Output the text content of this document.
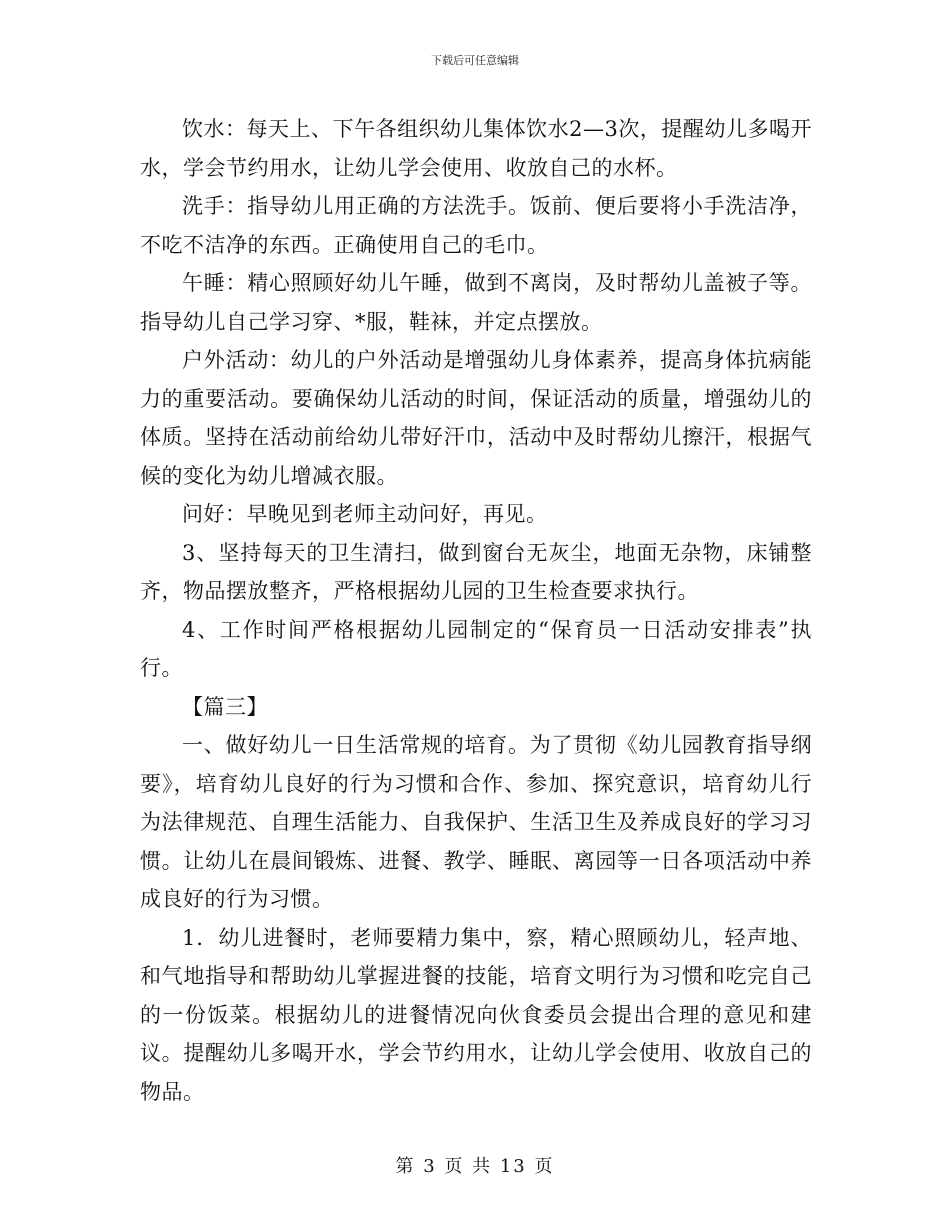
下载后可任意编辑

饮水：每天上、下午各组织幼儿集体饮水2—3次，提醒幼儿多喝开水，学会节约用水，让幼儿学会使用、收放自己的水杯。

洗手：指导幼儿用正确的方法洗手。饭前、便后要将小手洗洁净，不吃不洁净的东西。正确使用自己的毛巾。

午睡：精心照顾好幼儿午睡，做到不离岗，及时帮幼儿盖被子等。指导幼儿自己学习穿、*服，鞋袜，并定点摆放。

户外活动：幼儿的户外活动是增强幼儿身体素养，提高身体抗病能力的重要活动。要确保幼儿活动的时间，保证活动的质量，增强幼儿的体质。坚持在活动前给幼儿带好汗巾，活动中及时帮幼儿擦汗，根据气候的变化为幼儿增减衣服。

问好：早晚见到老师主动问好，再见。

3、坚持每天的卫生清扫，做到窗台无灰尘，地面无杂物，床铺整齐，物品摆放整齐，严格根据幼儿园的卫生检查要求执行。

4、工作时间严格根据幼儿园制定的“保育员一日活动安排表”执行。

【篇三】

一、做好幼儿一日生活常规的培育。为了贯彻《幼儿园教育指导纲要》，培育幼儿良好的行为习惯和合作、参加、探究意识，培育幼儿行为法律规范、自理生活能力、自我保护、生活卫生及养成良好的学习习惯。让幼儿在晨间锻炼、进餐、教学、睡眠、离园等一日各项活动中养成良好的行为习惯。

1．幼儿进餐时，老师要精力集中，察，精心照顾幼儿，轻声地、和气地指导和帮助幼儿掌握进餐的技能，培育文明行为习惯和吃完自己的一份饭菜。根据幼儿的进餐情况向伙食委员会提出合理的意见和建议。提醒幼儿多喝开水，学会节约用水，让幼儿学会使用、收放自己的物品。

第 3 页 共 13 页
